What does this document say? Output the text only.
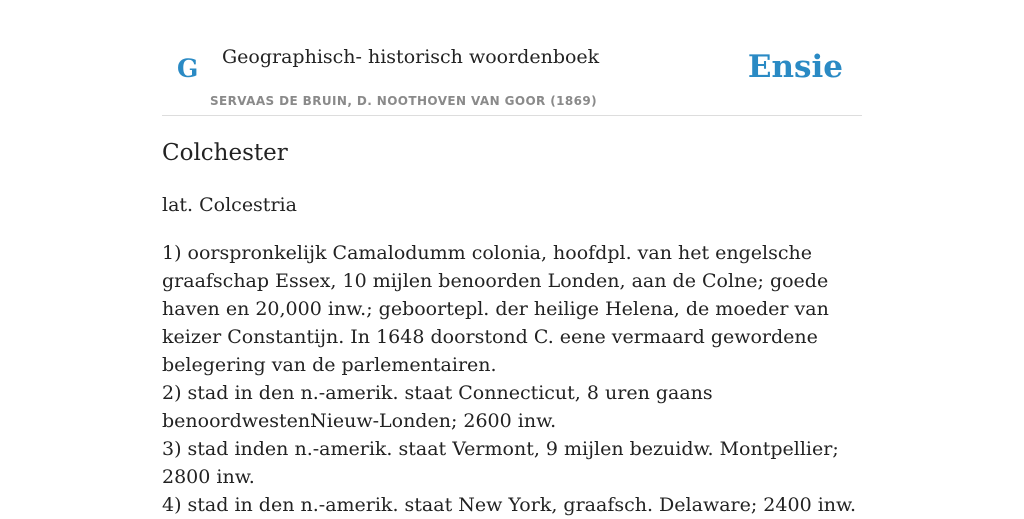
G Geographisch- historisch woordenboek
SERVAAS DE BRUIN, D. NOOTHOVEN VAN GOOR (1869)
Ensie
Colchester
lat. Colcestria

1) oorspronkelijk Camalodumm colonia, hoofdpl. van het engelsche graafschap Essex, 10 mijlen benoorden Londen, aan de Colne; goede haven en 20,000 inw.; geboortepl. der heilige Helena, de moeder van keizer Constantijn. In 1648 doorstond C. eene vermaard gewordene belegering van de parlementairen.

2) stad in den n.-amerik. staat Connecticut, 8 uren gaans benoordwestenNieuw-Londen; 2600 inw.

3) stad inden n.-amerik. staat Vermont, 9 mijlen bezuidw. Montpellier; 2800 inw.

4) stad in den n.-amerik. staat New York, graafsch. Delaware; 2400 inw.
